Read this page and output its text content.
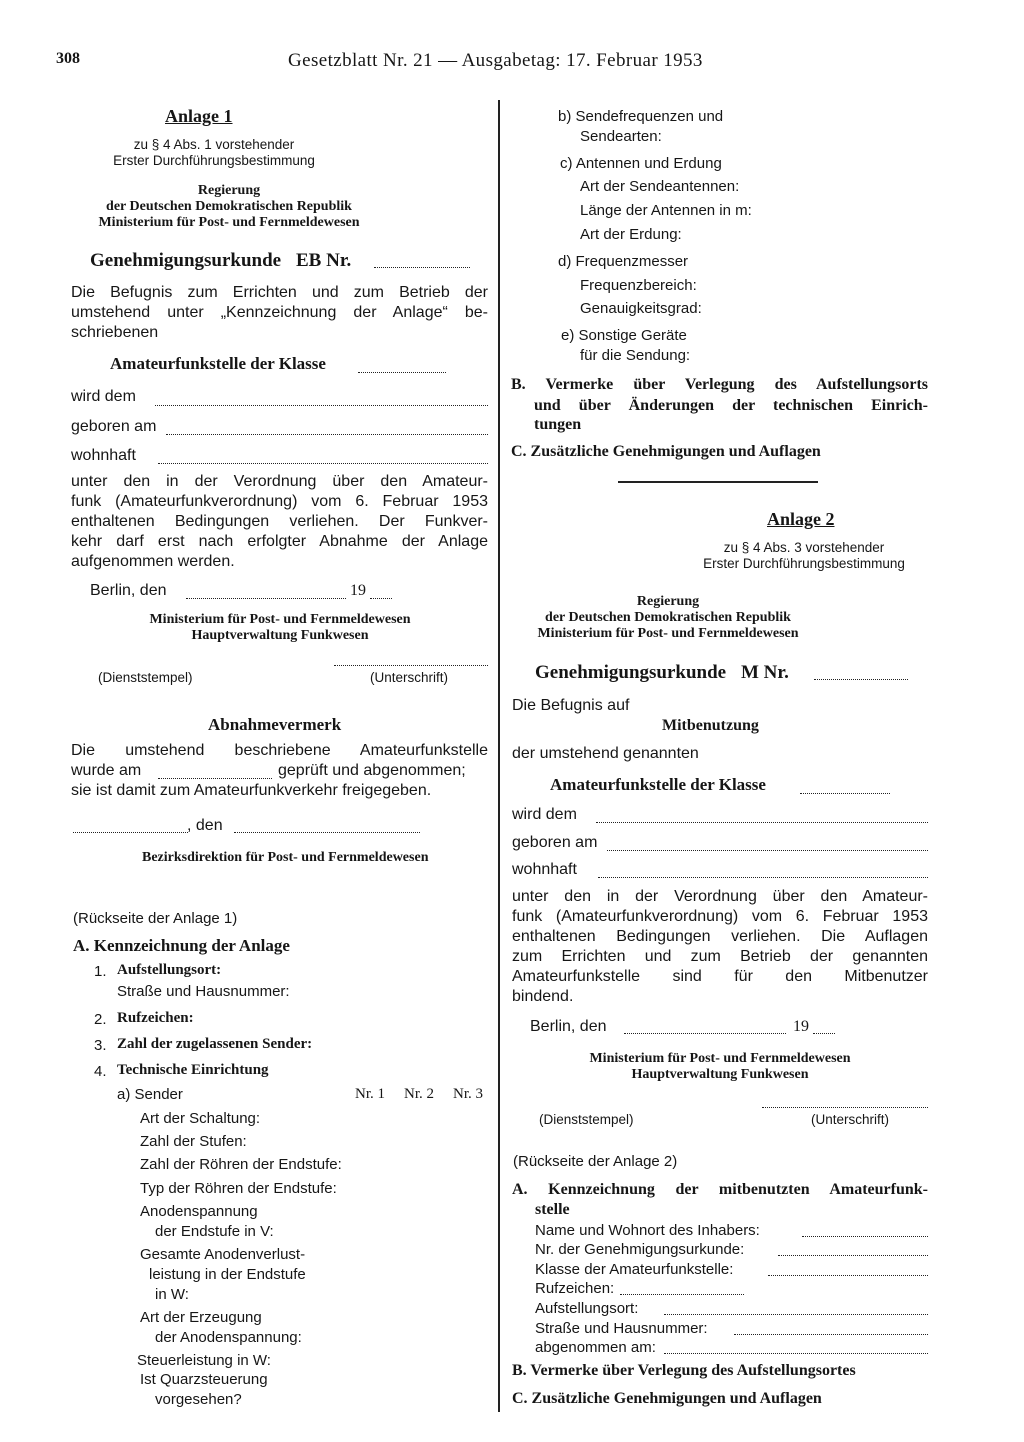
308	Gesetzblatt Nr. 21 — Ausgabetag: 17. Februar 1953
Anlage 1
zu § 4 Abs. 1 vorstehender
Erster Durchführungsbestimmung
Regierung
der Deutschen Demokratischen Republik
Ministerium für Post- und Fernmeldewesen
Genehmigungsurkunde EB Nr.
Die Befugnis zum Errichten und zum Betrieb der
umstehend unter „Kennzeichnung der Anlage“ be-
schriebenen
Amateurfunkstelle der Klasse
wird dem
geboren am
wohnhaft
unter den in der Verordnung über den Amateur-
funk (Amateurfunkverordnung) vom 6. Februar 1953
enthaltenen Bedingungen verliehen. Der Funkver-
kehr darf erst nach erfolgter Abnahme der Anlage
aufgenommen werden.
Berlin, den	19
Ministerium für Post- und Fernmeldewesen
Hauptverwaltung Funkwesen
(Dienststempel)	(Unterschrift)
Abnahmevermerk
Die umstehend beschriebene Amateurfunkstelle
wurde am	geprüft und abgenommen;
sie ist damit zum Amateurfunkverkehr freigegeben.
, den
Bezirksdirektion für Post- und Fernmeldewesen
(Rückseite der Anlage 1)
A. Kennzeichnung der Anlage
1. Aufstellungsort:
Straße und Hausnummer:
2. Rufzeichen:
3. Zahl der zugelassenen Sender:
4. Technische Einrichtung
a) Sender	Nr. 1 Nr. 2 Nr. 3
Art der Schaltung:
Zahl der Stufen:
Zahl der Röhren der Endstufe:
Typ der Röhren der Endstufe:
Anodenspannung
der Endstufe in V:
Gesamte Anodenverlust-
leistung in der Endstufe
in W:
Art der Erzeugung
der Anodenspannung:
Steuerleistung in W:
Ist Quarzsteuerung
vorgesehen?
b) Sendefrequenzen und
Sendearten:
c) Antennen und Erdung
Art der Sendeantennen:
Länge der Antennen in m:
Art der Erdung:
d) Frequenzmesser
Frequenzbereich:
Genauigkeitsgrad:
e) Sonstige Geräte
für die Sendung:
B. Vermerke über Verlegung des Aufstellungsorts
und über Änderungen der technischen Einrich-
tungen
C. Zusätzliche Genehmigungen und Auflagen
Anlage 2
zu § 4 Abs. 3 vorstehender
Erster Durchführungsbestimmung
Regierung
der Deutschen Demokratischen Republik
Ministerium für Post- und Fernmeldewesen
Genehmigungsurkunde M Nr.
Die Befugnis auf
Mitbenutzung
der umstehend genannten
Amateurfunkstelle der Klasse
wird dem
geboren am
wohnhaft
unter den in der Verordnung über den Amateur-
funk (Amateurfunkverordnung) vom 6. Februar 1953
enthaltenen Bedingungen verliehen. Die Auflagen
zum Errichten und zum Betrieb der genannten
Amateurfunkstelle sind für den Mitbenutzer
bindend.
Berlin, den	19
Ministerium für Post- und Fernmeldewesen
Hauptverwaltung Funkwesen
(Dienststempel)	(Unterschrift)
(Rückseite der Anlage 2)
A. Kennzeichnung der mitbenutzten Amateurfunk-
stelle
Name und Wohnort des Inhabers:
Nr. der Genehmigungsurkunde:
Klasse der Amateurfunkstelle:
Rufzeichen:
Aufstellungsort:
Straße und Hausnummer:
abgenommen am:
B. Vermerke über Verlegung des Aufstellungsortes
C. Zusätzliche Genehmigungen und Auflagen
